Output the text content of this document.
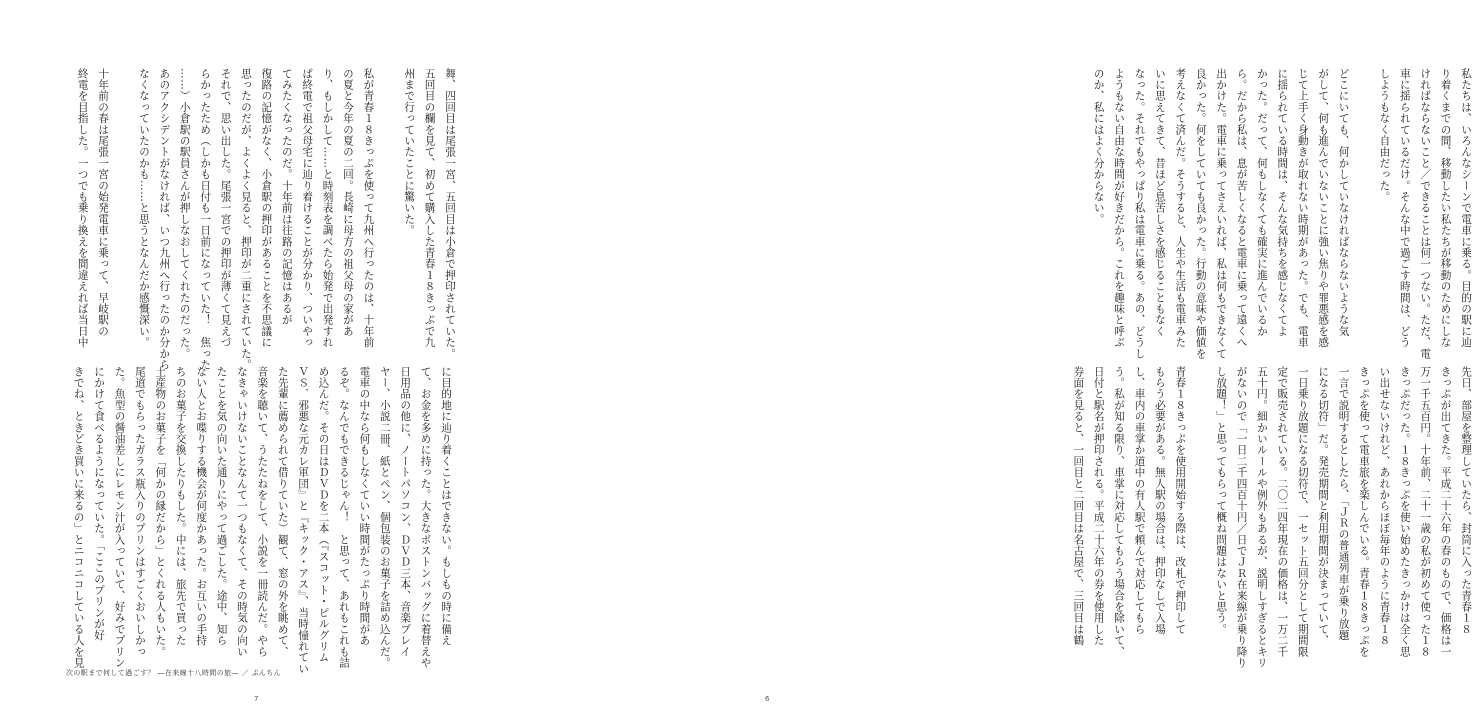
舞、四回目は尾張一宮、五回目は小倉で押印されていた。
五回目の欄を見て、初めて購入した青春１８きっぷで九
州まで行っていたことに驚いた。

私が青春１８きっぷを使って九州へ行ったのは、十年前
の夏と今年の夏の二回。長崎に母方の祖父母の家があ
り、もしかして……と時刻表を調べたら始発で出発すれ
ば終電で祖父母宅に辿り着けることが分かり、ついやっ
てみたくなったのだ。十年前は往路の記憶はあるが
復路の記憶がなく、小倉駅の押印があることを不思議に
思ったのだが、よくよく見ると、押印が二重にされていた。
それで、思い出した。尾張一宮での押印が薄くて見えづ
らかったため（しかも日付も一日前になっていた！　焦った
……）小倉駅の駅員さんが押しなおしてくれたのだった。
あのアクシデントがなければ、いつ九州へ行ったのか分から
なくなっていたのかも……と思うとなんだか感慨深い。

十年前の春は尾張一宮の始発電車に乗って、早岐駅の
終電を目指した。一つでも乗り換えを間違えれば当日中
に目的地に辿り着くことはできない。もしもの時に備え
て、お金を多めに持った。大きなボストンバッグに着替えや
日用品の他に、ノートパソコン、ＤＶＤ三本、音楽プレイ
ヤー、小説二冊、紙とペン、個包装のお菓子を詰め込んだ。
電車の中なら何もしなくていい時間がたっぷり時間があ
るぞ。なんでもできるじゃん！　と思って、あれもこれも詰
め込んだ。その日はＤＶＤを二本（『スコット・ピルグリム
ＶＳ．邪悪な元カレ軍団』と『キック・アス』、当時憧れてい
た先輩に薦められて借りていた）観て、窓の外を眺めて、
音楽を聴いて、うたたねをして、小説を一冊読んだ。やら
なきゃいけないことなんて一つもなくて、その時気の向い
たことを気の向いた通りにやって過ごした。途中、知ら
ない人とお喋りする機会が何度かあった。お互いの手持
ちのお菓子を交換したりもした。中には、旅先で買った
土産物のお菓子を「何かの縁だから」とくれる人もいた。
尾道でもらったガラス瓶入りのプリンはすごくおいしかっ
た。魚型の醤油差しにレモン汁が入っていて、好みでプリン
にかけて食べるようになっていた。「ここのプリンが好
きでね、ときどき買いに来るの」とニコニコしている人を見
次の駅まで何して過ごす？ ―在来線十八時間の旅― ／ ぷんちん
7
私たちは、いろんなシーンで電車に乗る。目的の駅に辿
り着くまでの間、移動したい私たちが移動のためにしな
ければならないこと／できることは何一つない。ただ、電
車に揺られているだけ。そんな中で過ごす時間は、どう
しようもなく自由だった。

どこにいても、何かしていなければならないような気
がして、何も進んでいないことに強い焦りや罪悪感を感
じて上手く身動きが取れない時期があった。でも、電車
に揺られている時間は、そんな気持ちを感じなくてよ
かった。だって、何もしなくても確実に進んでいるか
ら。だから私は、息が苦しくなると電車に乗って遠くへ
出かけた。電車に乗ってさえいれば、私は何もできなくて
良かった。何をしていても良かった。行動の意味や価値を
考えなくて済んだ。そうすると、人生や生活も電車みた
いに思えてきて、昔ほど息苦しさを感じることもなく
なった。それでもやっぱり私は電車に乗る。あの、どうし
ようもない自由な時間が好きだから。これを趣味と呼ぶ
のか、私にはよく分からない。
先日、部屋を整理していたら、封筒に入った青春１８
きっぷが出てきた。平成二十六年の春のもので、価格は一
万一千五百円。十年前、二十一歳の私が初めて使った１８
きっぷだった。１８きっぷを使い始めたきっかけは全く思
い出せないけれど、あれからほぼ毎年のように青春１８
きっぷを使って電車旅を楽しんでいる。青春１８きっぷを
一言で説明するとしたら、「ＪＲの普通列車が乗り放題
になる切符」だ。発売期間と利用期間が決まっていて、
一日乗り放題になる切符で、一セット五回分として期間限
定で販売されている。二〇二四年現在の価格は、一万二千
五十円。細かいルールや例外もあるが、説明しすぎるとキリ
がないので「一日二千四百十円／日でＪＲ在来線が乗り降り
し放題！」と思ってもらって概ね問題はないと思う。

青春１８きっぷを使用開始する際は、改札で押印して
もらう必要がある。無人駅の場合は、押印なしで入場
し、車内の車掌か道中の有人駅で頼んで対応してもら
う。私が知る限り、車掌に対応してもらう場合を除いて、
日付と駅名が押印される。平成二十六年の券を使用した
券面を見ると、一回目と二回目は名古屋で、三回目は鶴
6
